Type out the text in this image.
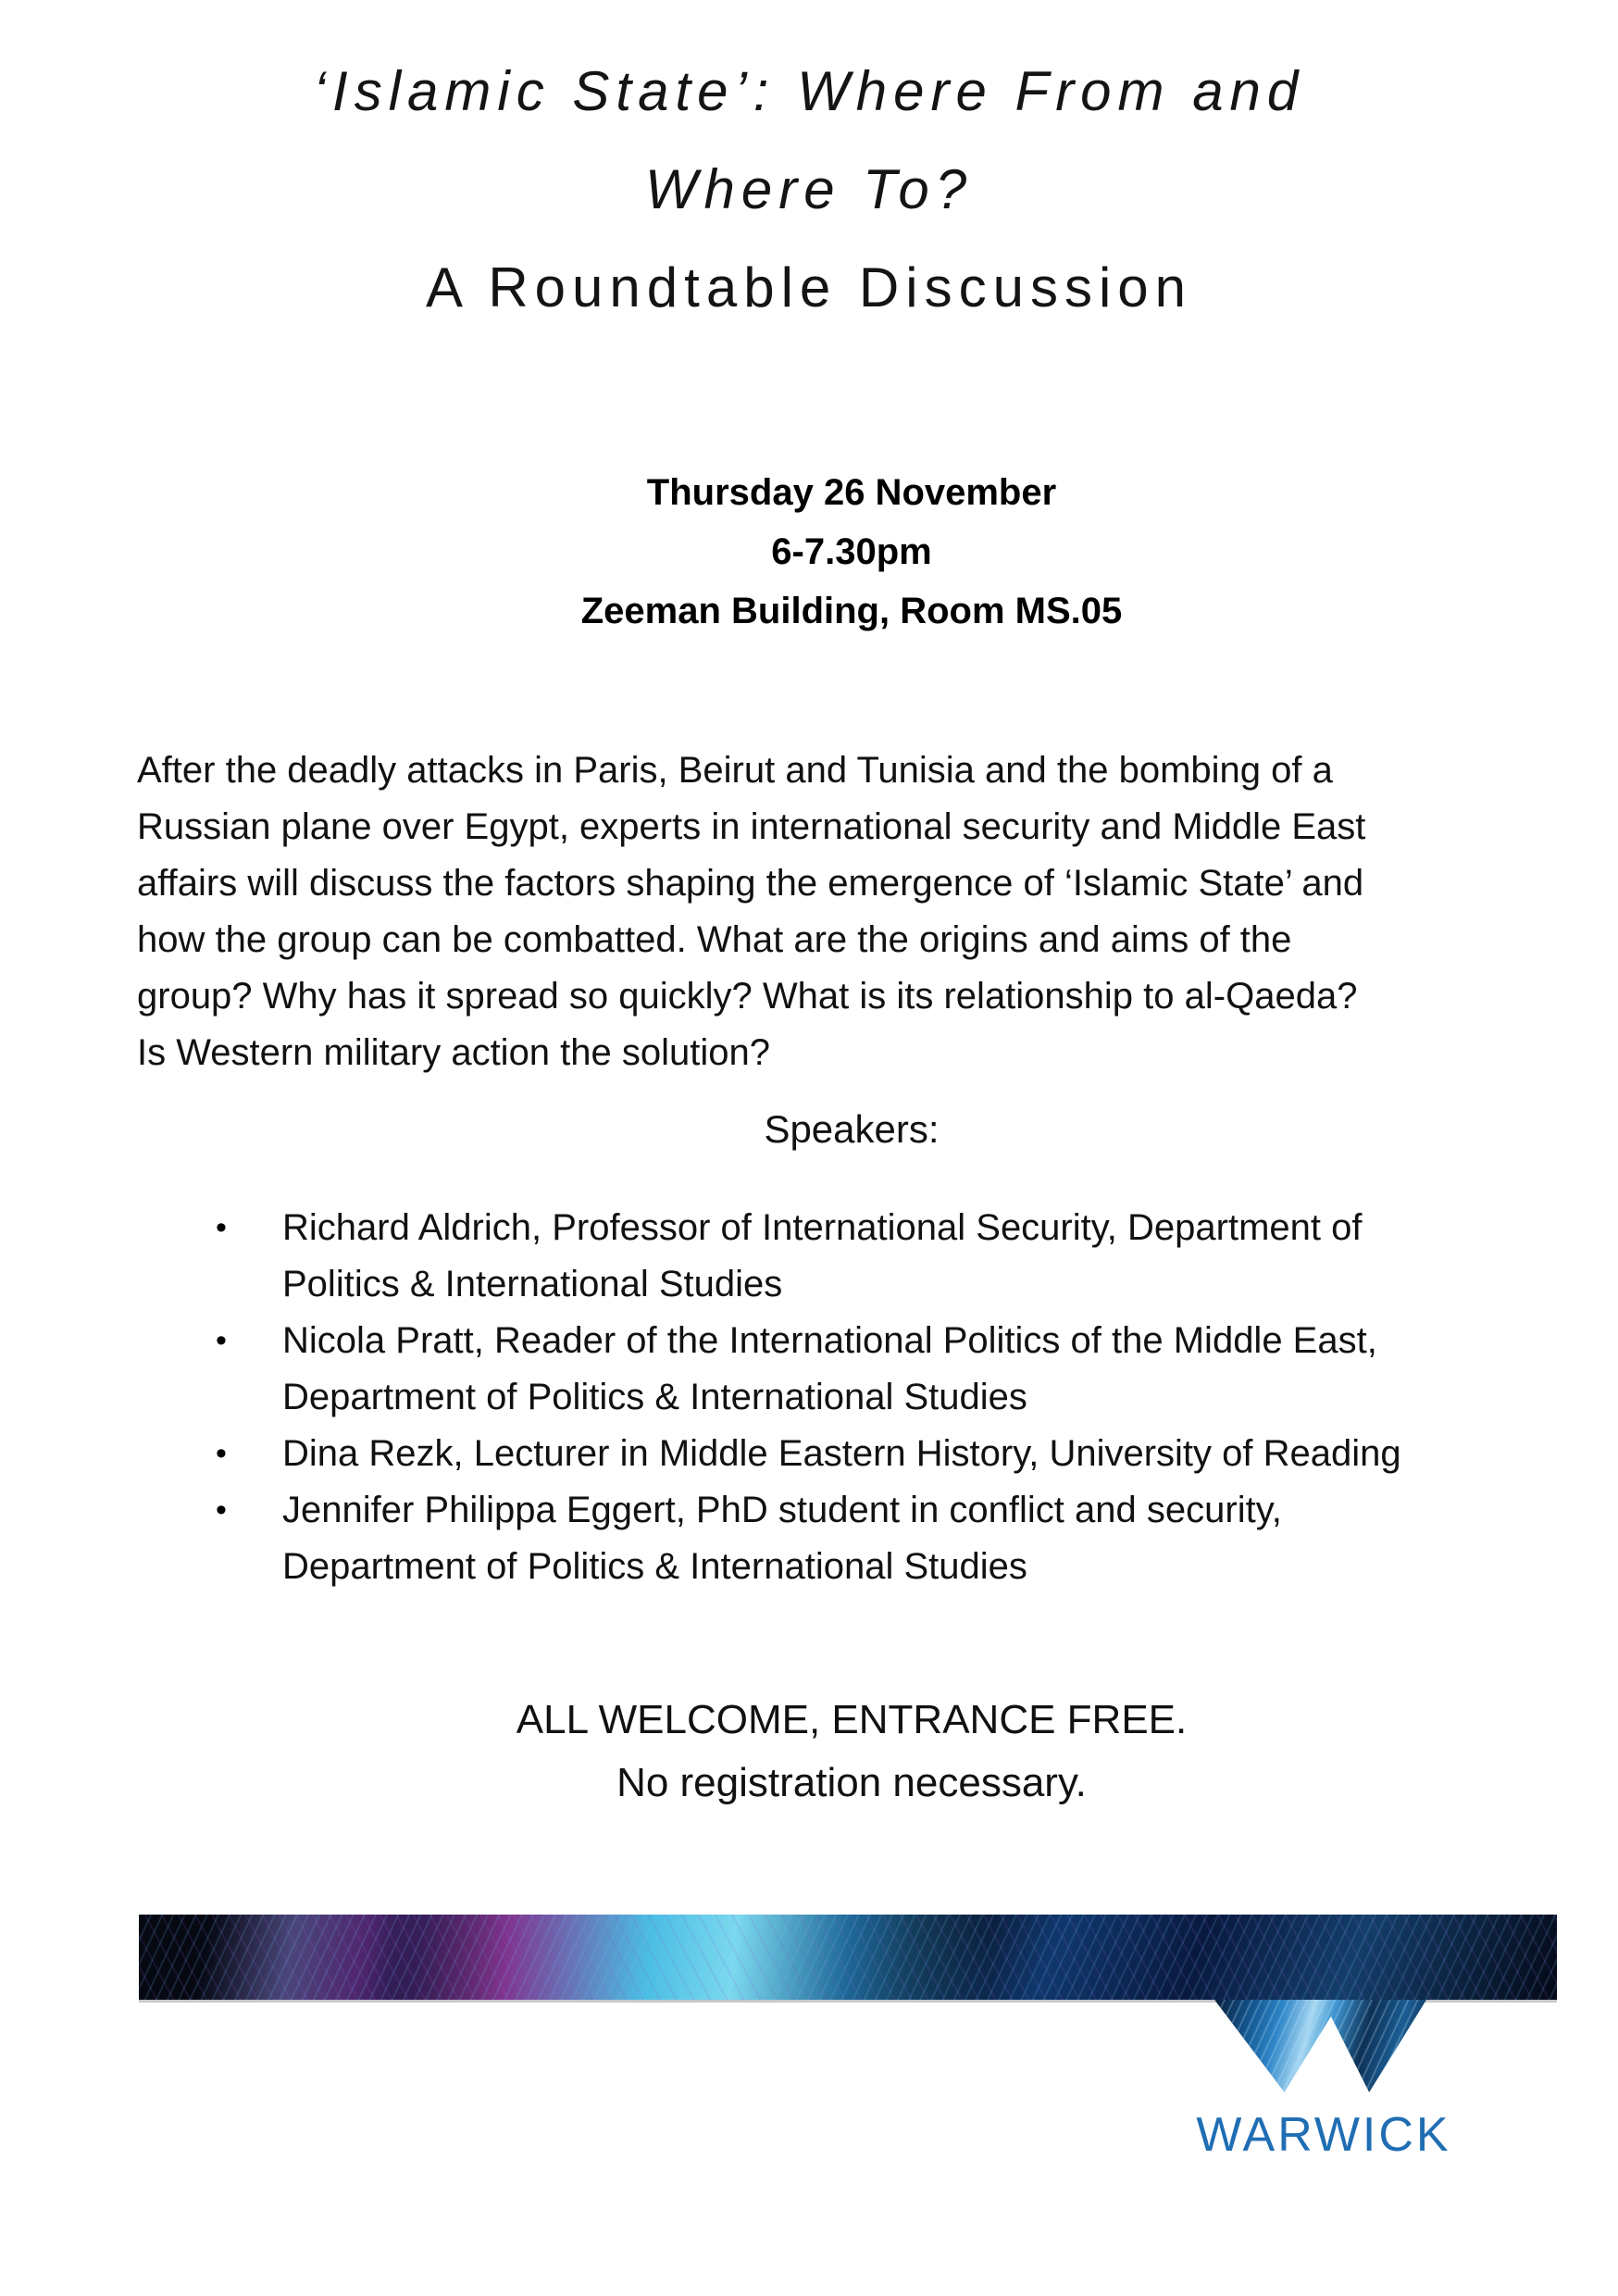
‘Islamic State’: Where From and
Where To?
A Roundtable Discussion
Thursday 26 November
6-7.30pm
Zeeman Building, Room MS.05
After the deadly attacks in Paris, Beirut and Tunisia and the bombing of a
Russian plane over Egypt, experts in international security and Middle East
affairs will discuss the factors shaping the emergence of ‘Islamic State’ and
how the group can be combatted. What are the origins and aims of the
group? Why has it spread so quickly? What is its relationship to al-Qaeda?
Is Western military action the solution?
Speakers:
•	Richard Aldrich, Professor of International Security, Department of
Politics & International Studies
•	Nicola Pratt, Reader of the International Politics of the Middle East,
Department of Politics & International Studies
•	Dina Rezk, Lecturer in Middle Eastern History, University of Reading
•	Jennifer Philippa Eggert, PhD student in conflict and security,
Department of Politics & International Studies
ALL WELCOME, ENTRANCE FREE.
No registration necessary.
WARWICK
